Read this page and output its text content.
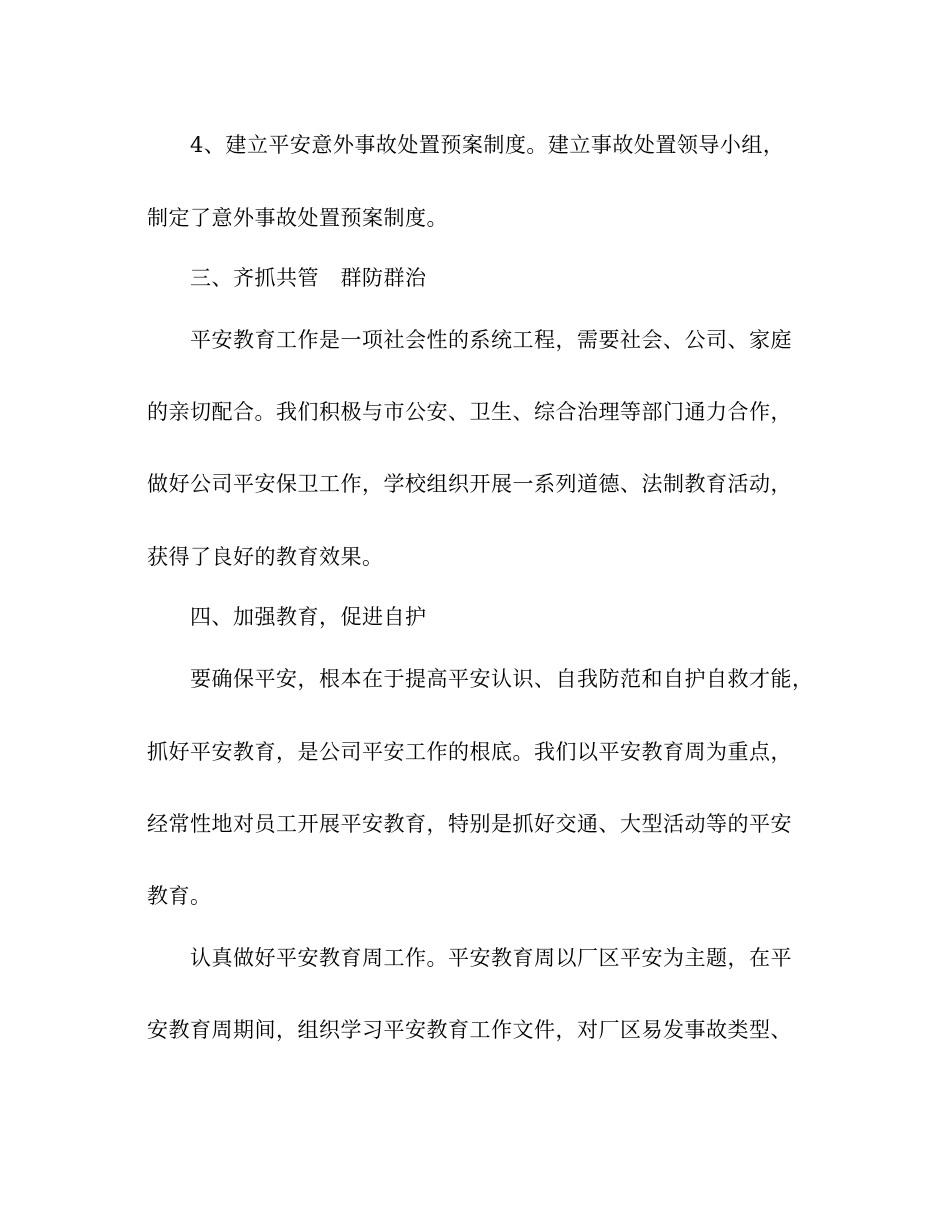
4、建立平安意外事故处置预案制度。建立事故处置领导小组，
制定了意外事故处置预案制度。
三、齐抓共管　群防群治
平安教育工作是一项社会性的系统工程，需要社会、公司、家庭
的亲切配合。我们积极与市公安、卫生、综合治理等部门通力合作，
做好公司平安保卫工作，学校组织开展一系列道德、法制教育活动，
获得了良好的教育效果。
四、加强教育，促进自护
要确保平安，根本在于提高平安认识、自我防范和自护自救才能，
抓好平安教育，是公司平安工作的根底。我们以平安教育周为重点，
经常性地对员工开展平安教育，特别是抓好交通、大型活动等的平安
教育。
认真做好平安教育周工作。平安教育周以厂区平安为主题，在平
安教育周期间，组织学习平安教育工作文件，对厂区易发事故类型、
